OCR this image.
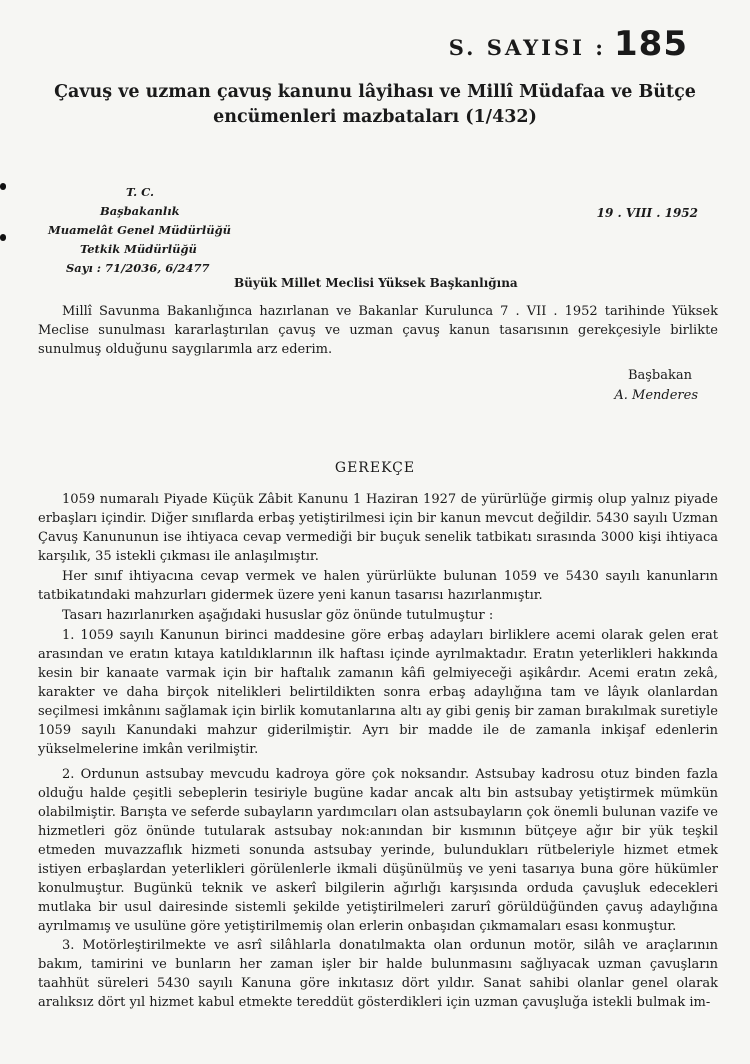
S. SAYISI : 185
Çavuş ve uzman çavuş kanunu lâyihası ve Millî Müdafaa ve Bütçe
encümenleri mazbataları (1/432)
T. C.
Başbakanlık
Muamelât Genel Müdürlüğü
Tetkik Müdürlüğü
Sayı : 71/2036, 6/2477
19 . VIII . 1952
Büyük Millet Meclisi Yüksek Başkanlığına

Millî Savunma Bakanlığınca hazırlanan ve Bakanlar Kurulunca 7 . VII . 1952 tarihinde Yüksek Meclise sunulması kararlaştırılan çavuş ve uzman çavuş kanun tasarısının gerekçesiyle birlikte sunulmuş olduğunu saygılarımla arz ederim.

Başbakan
A. Menderes
GEREKÇE

1059 numaralı Piyade Küçük Zâbit Kanunu 1 Haziran 1927 de yürürlüğe girmiş olup yalnız piyade erbaşları içindir. Diğer sınıflarda erbaş yetiştirilmesi için bir kanun mevcut değildir. 5430 sayılı Uzman Çavuş Kanununun ise ihtiyaca cevap vermediği bir buçuk senelik tatbikatı sırasında 3000 kişi ihtiyaca karşılık, 35 istekli çıkması ile anlaşılmıştır.

Her sınıf ihtiyacına cevap vermek ve halen yürürlükte bulunan 1059 ve 5430 sayılı kanunların tatbikatındaki mahzurları gidermek üzere yeni kanun tasarısı hazırlanmıştır.

Tasarı hazırlanırken aşağıdaki hususlar göz önünde tutulmuştur :

1. 1059 sayılı Kanunun birinci maddesine göre erbaş adayları birliklere acemi olarak gelen erat arasından ve eratın kıtaya katıldıklarının ilk haftası içinde ayrılmaktadır. Eratın yeterlikleri hakkında kesin bir kanaate varmak için bir haftalık zamanın kâfi gelmiyeceği aşikârdır. Acemi eratın zekâ, karakter ve daha birçok nitelikleri belirtildikten sonra erbaş adaylığına tam ve lâyık olanlardan seçilmesi imkânını sağlamak için birlik komutanlarına altı ay gibi geniş bir zaman bırakılmak suretiyle 1059 sayılı Kanundaki mahzur giderilmiştir. Ayrı bir madde ile de zamanla inkişaf edenlerin yükselmelerine imkân verilmiştir.

2. Ordunun astsubay mevcudu kadroya göre çok noksandır. Astsubay kadrosu otuz binden fazla olduğu halde çeşitli sebeplerin tesiriyle bugüne kadar ancak altı bin astsubay yetiştirmek mümkün olabilmiştir. Barışta ve seferde subayların yardımcıları olan astsubayların çok önemli bulunan vazife ve hizmetleri göz önünde tutularak astsubay nok:anından bir kısmının bütçeye ağır bir yük teşkil etmeden muvazzaflık hizmeti sonunda astsubay yerinde, bulundukları rütbeleriyle hizmet etmek istiyen erbaşlardan yeterlikleri görülenlerle ikmali düşünülmüş ve yeni tasarıya buna göre hükümler konulmuştur. Bugünkü teknik ve askerî bilgilerin ağırlığı karşısında orduda çavuşluk edecekleri mutlaka bir usul dairesinde sistemli şekilde yetiştirilmeleri zarurî görüldüğünden çavuş adaylığına ayrılmamış ve usulüne göre yetiştirilmemiş olan erlerin onbaşıdan çıkmamaları esası konmuştur.

3. Motörleştirilmekte ve asrî silâhlarla donatılmakta olan ordunun motör, silâh ve araçlarının bakım, tamirini ve bunların her zaman işler bir halde bulunmasını sağlıyacak uzman çavuşların taahhüt süreleri 5430 sayılı Kanuna göre inkıtasız dört yıldır. Sanat sahibi olanlar genel olarak aralıksız dört yıl hizmet kabul etmekte tereddüt gösterdikleri için uzman çavuşluğa istekli bulmak im-
